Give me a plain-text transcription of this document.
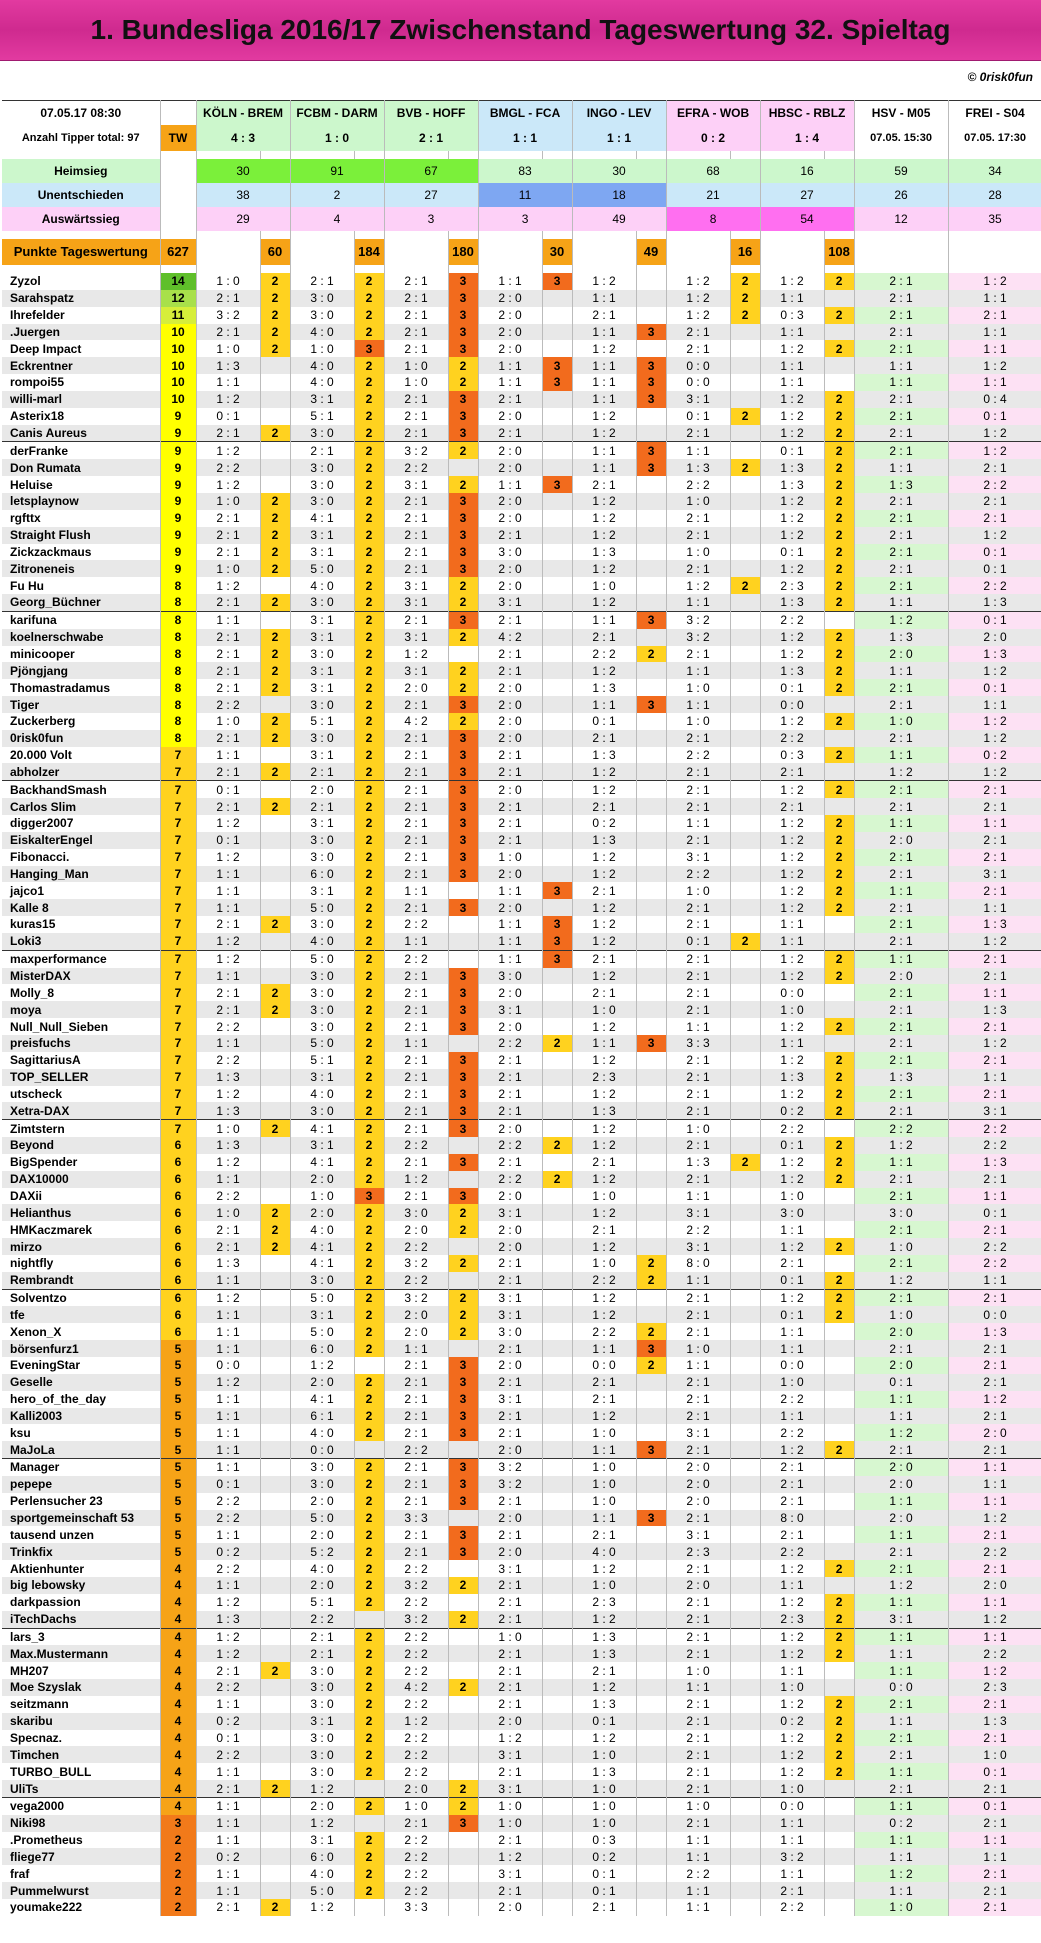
1. Bundesliga 2016/17 Zwischenstand Tageswertung 32. Spieltag
© 0risk0fun
07.05.17 08:30		KÖLN - BREM		FCBM - DARM		BVB - HOFF		BMGL - FCA		INGO - LEV		EFRA - WOB		HBSC - RBLZ		HSV - M05	FREI - S04
Anzahl Tipper total: 97	TW	4 : 3		1 : 0		2 : 1		1 : 1		1 : 1		0 : 2		1 : 4		07.05. 15:30	07.05. 17:30

Heimsieg		30		91		67		83		30		68		16		59	34
Unentschieden		38		2		27		11		18		21		27		26	28
Auswärtssieg		29		4		3		3		49		8		54		12	35

Punkte Tageswertung	627		60		184		180		30		49		16		108		

Zyzol	14	1 : 0	2	2 : 1	2	2 : 1	3	1 : 1	3	1 : 2		1 : 2	2	1 : 2	2	2 : 1	1 : 2
Sarahspatz	12	2 : 1	2	3 : 0	2	2 : 1	3	2 : 0		1 : 1		1 : 2	2	1 : 1		2 : 1	1 : 1
Ihrefelder	11	3 : 2	2	3 : 0	2	2 : 1	3	2 : 0		2 : 1		1 : 2	2	0 : 3	2	2 : 1	2 : 1
.Juergen	10	2 : 1	2	4 : 0	2	2 : 1	3	2 : 0		1 : 1	3	2 : 1		1 : 1		2 : 1	1 : 1
Deep Impact	10	1 : 0	2	1 : 0	3	2 : 1	3	2 : 0		1 : 2		2 : 1		1 : 2	2	2 : 1	1 : 1
Eckrentner	10	1 : 3		4 : 0	2	1 : 0	2	1 : 1	3	1 : 1	3	0 : 0		1 : 1		1 : 1	1 : 2
rompoi55	10	1 : 1		4 : 0	2	1 : 0	2	1 : 1	3	1 : 1	3	0 : 0		1 : 1		1 : 1	1 : 1
willi-marl	10	1 : 2		3 : 1	2	2 : 1	3	2 : 1		1 : 1	3	3 : 1		1 : 2	2	2 : 1	0 : 4
Asterix18	9	0 : 1		5 : 1	2	2 : 1	3	2 : 0		1 : 2		0 : 1	2	1 : 2	2	2 : 1	0 : 1
Canis Aureus	9	2 : 1	2	3 : 0	2	2 : 1	3	2 : 1		1 : 2		2 : 1		1 : 2	2	2 : 1	1 : 2
derFranke	9	1 : 2		2 : 1	2	3 : 2	2	2 : 0		1 : 1	3	1 : 1		0 : 1	2	2 : 1	1 : 2
Don Rumata	9	2 : 2		3 : 0	2	2 : 2		2 : 0		1 : 1	3	1 : 3	2	1 : 3	2	1 : 1	2 : 1
Heluise	9	1 : 2		3 : 0	2	3 : 1	2	1 : 1	3	2 : 1		2 : 2		1 : 3	2	1 : 3	2 : 2
letsplaynow	9	1 : 0	2	3 : 0	2	2 : 1	3	2 : 0		1 : 2		1 : 0		1 : 2	2	2 : 1	2 : 1
rgfttx	9	2 : 1	2	4 : 1	2	2 : 1	3	2 : 0		1 : 2		2 : 1		1 : 2	2	2 : 1	2 : 1
Straight Flush	9	2 : 1	2	3 : 1	2	2 : 1	3	2 : 1		1 : 2		2 : 1		1 : 2	2	2 : 1	1 : 2
Zickzackmaus	9	2 : 1	2	3 : 1	2	2 : 1	3	3 : 0		1 : 3		1 : 0		0 : 1	2	2 : 1	0 : 1
Zitroneneis	9	1 : 0	2	5 : 0	2	2 : 1	3	2 : 0		1 : 2		2 : 1		1 : 2	2	2 : 1	0 : 1
Fu Hu	8	1 : 2		4 : 0	2	3 : 1	2	2 : 0		1 : 0		1 : 2	2	2 : 3	2	2 : 1	2 : 2
Georg_Büchner	8	2 : 1	2	3 : 0	2	3 : 1	2	3 : 1		1 : 2		1 : 1		1 : 3	2	1 : 1	1 : 3
karifuna	8	1 : 1		3 : 1	2	2 : 1	3	2 : 1		1 : 1	3	3 : 2		2 : 2		1 : 2	0 : 1
koelnerschwabe	8	2 : 1	2	3 : 1	2	3 : 1	2	4 : 2		2 : 1		3 : 2		1 : 2	2	1 : 3	2 : 0
minicooper	8	2 : 1	2	3 : 0	2	1 : 2		2 : 1		2 : 2	2	2 : 1		1 : 2	2	2 : 0	1 : 3
Pjöngjang	8	2 : 1	2	3 : 1	2	3 : 1	2	2 : 1		1 : 2		1 : 1		1 : 3	2	1 : 1	1 : 2
Thomastradamus	8	2 : 1	2	3 : 1	2	2 : 0	2	2 : 0		1 : 3		1 : 0		0 : 1	2	2 : 1	0 : 1
Tiger	8	2 : 2		3 : 0	2	2 : 1	3	2 : 0		1 : 1	3	1 : 1		0 : 0		2 : 1	1 : 1
Zuckerberg	8	1 : 0	2	5 : 1	2	4 : 2	2	2 : 0		0 : 1		1 : 0		1 : 2	2	1 : 0	1 : 2
0risk0fun	8	2 : 1	2	3 : 0	2	2 : 1	3	2 : 0		2 : 1		2 : 1		2 : 2		2 : 1	1 : 2
20.000 Volt	7	1 : 1		3 : 1	2	2 : 1	3	2 : 1		1 : 3		2 : 2		0 : 3	2	1 : 1	0 : 2
abholzer	7	2 : 1	2	2 : 1	2	2 : 1	3	2 : 1		1 : 2		2 : 1		2 : 1		1 : 2	1 : 2
BackhandSmash	7	0 : 1		2 : 0	2	2 : 1	3	2 : 0		1 : 2		2 : 1		1 : 2	2	2 : 1	2 : 1
Carlos Slim	7	2 : 1	2	2 : 1	2	2 : 1	3	2 : 1		2 : 1		2 : 1		2 : 1		2 : 1	2 : 1
digger2007	7	1 : 2		3 : 1	2	2 : 1	3	2 : 1		0 : 2		1 : 1		1 : 2	2	1 : 1	1 : 1
EiskalterEngel	7	0 : 1		3 : 0	2	2 : 1	3	2 : 1		1 : 3		2 : 1		1 : 2	2	2 : 0	2 : 1
Fibonacci.	7	1 : 2		3 : 0	2	2 : 1	3	1 : 0		1 : 2		3 : 1		1 : 2	2	2 : 1	2 : 1
Hanging_Man	7	1 : 1		6 : 0	2	2 : 1	3	2 : 0		1 : 2		2 : 2		1 : 2	2	2 : 1	3 : 1
jajco1	7	1 : 1		3 : 1	2	1 : 1		1 : 1	3	2 : 1		1 : 0		1 : 2	2	1 : 1	2 : 1
Kalle 8	7	1 : 1		5 : 0	2	2 : 1	3	2 : 0		1 : 2		2 : 1		1 : 2	2	2 : 1	1 : 1
kuras15	7	2 : 1	2	3 : 0	2	2 : 2		1 : 1	3	1 : 2		2 : 1		1 : 1		2 : 1	1 : 3
Loki3	7	1 : 2		4 : 0	2	1 : 1		1 : 1	3	1 : 2		0 : 1	2	1 : 1		2 : 1	1 : 2
maxperformance	7	1 : 2		5 : 0	2	2 : 2		1 : 1	3	2 : 1		2 : 1		1 : 2	2	1 : 1	2 : 1
MisterDAX	7	1 : 1		3 : 0	2	2 : 1	3	3 : 0		1 : 2		2 : 1		1 : 2	2	2 : 0	2 : 1
Molly_8	7	2 : 1	2	3 : 0	2	2 : 1	3	2 : 0		2 : 1		2 : 1		0 : 0		2 : 1	1 : 1
moya	7	2 : 1	2	3 : 0	2	2 : 1	3	3 : 1		1 : 0		2 : 1		1 : 0		2 : 1	1 : 3
Null_Null_Sieben	7	2 : 2		3 : 0	2	2 : 1	3	2 : 0		1 : 2		1 : 1		1 : 2	2	2 : 1	2 : 1
preisfuchs	7	1 : 1		5 : 0	2	1 : 1		2 : 2	2	1 : 1	3	3 : 3		1 : 1		2 : 1	1 : 2
SagittariusA	7	2 : 2		5 : 1	2	2 : 1	3	2 : 1		1 : 2		2 : 1		1 : 2	2	2 : 1	2 : 1
TOP_SELLER	7	1 : 3		3 : 1	2	2 : 1	3	2 : 1		2 : 3		2 : 1		1 : 3	2	1 : 3	1 : 1
utscheck	7	1 : 2		4 : 0	2	2 : 1	3	2 : 1		1 : 2		2 : 1		1 : 2	2	2 : 1	2 : 1
Xetra-DAX	7	1 : 3		3 : 0	2	2 : 1	3	2 : 1		1 : 3		2 : 1		0 : 2	2	2 : 1	3 : 1
Zimtstern	7	1 : 0	2	4 : 1	2	2 : 1	3	2 : 0		1 : 2		1 : 0		2 : 2		2 : 2	2 : 2
Beyond	6	1 : 3		3 : 1	2	2 : 2		2 : 2	2	1 : 2		2 : 1		0 : 1	2	1 : 2	2 : 2
BigSpender	6	1 : 2		4 : 1	2	2 : 1	3	2 : 1		2 : 1		1 : 3	2	1 : 2	2	1 : 1	1 : 3
DAX10000	6	1 : 1		2 : 0	2	1 : 2		2 : 2	2	1 : 2		2 : 1		1 : 2	2	2 : 1	2 : 1
DAXii	6	2 : 2		1 : 0	3	2 : 1	3	2 : 0		1 : 0		1 : 1		1 : 0		2 : 1	1 : 1
Helianthus	6	1 : 0	2	2 : 0	2	3 : 0	2	3 : 1		1 : 2		3 : 1		3 : 0		3 : 0	0 : 1
HMKaczmarek	6	2 : 1	2	4 : 0	2	2 : 0	2	2 : 0		2 : 1		2 : 2		1 : 1		2 : 1	2 : 1
mirzo	6	2 : 1	2	4 : 1	2	2 : 2		2 : 0		1 : 2		3 : 1		1 : 2	2	1 : 0	2 : 2
nightfly	6	1 : 3		4 : 1	2	3 : 2	2	2 : 1		1 : 0	2	8 : 0		2 : 1		2 : 1	2 : 2
Rembrandt	6	1 : 1		3 : 0	2	2 : 2		2 : 1		2 : 2	2	1 : 1		0 : 1	2	1 : 2	1 : 1
Solventzo	6	1 : 2		5 : 0	2	3 : 2	2	3 : 1		1 : 2		2 : 1		1 : 2	2	2 : 1	2 : 1
tfe	6	1 : 1		3 : 1	2	2 : 0	2	3 : 1		1 : 2		2 : 1		0 : 1	2	1 : 0	0 : 0
Xenon_X	6	1 : 1		5 : 0	2	2 : 0	2	3 : 0		2 : 2	2	2 : 1		1 : 1		2 : 0	1 : 3
börsenfurz1	5	1 : 1		6 : 0	2	1 : 1		2 : 1		1 : 1	3	1 : 0		1 : 1		2 : 1	2 : 1
EveningStar	5	0 : 0		1 : 2		2 : 1	3	2 : 0		0 : 0	2	1 : 1		0 : 0		2 : 0	2 : 1
Geselle	5	1 : 2		2 : 0	2	2 : 1	3	2 : 1		2 : 1		2 : 1		1 : 0		0 : 1	2 : 1
hero_of_the_day	5	1 : 1		4 : 1	2	2 : 1	3	3 : 1		2 : 1		2 : 1		2 : 2		1 : 1	1 : 2
Kalli2003	5	1 : 1		6 : 1	2	2 : 1	3	2 : 1		1 : 2		2 : 1		1 : 1		1 : 1	2 : 1
ksu	5	1 : 1		4 : 0	2	2 : 1	3	2 : 1		1 : 0		3 : 1		2 : 2		1 : 2	2 : 0
MaJoLa	5	1 : 1		0 : 0		2 : 2		2 : 0		1 : 1	3	2 : 1		1 : 2	2	2 : 1	2 : 1
Manager	5	1 : 1		3 : 0	2	2 : 1	3	3 : 2		1 : 0		2 : 0		2 : 1		2 : 0	1 : 1
pepepe	5	0 : 1		3 : 0	2	2 : 1	3	3 : 2		1 : 0		2 : 0		2 : 1		2 : 0	1 : 1
Perlensucher 23	5	2 : 2		2 : 0	2	2 : 1	3	2 : 1		1 : 0		2 : 0		2 : 1		1 : 1	1 : 1
sportgemeinschaft 53	5	2 : 2		5 : 0	2	3 : 3		2 : 0		1 : 1	3	2 : 1		8 : 0		2 : 0	1 : 2
tausend unzen	5	1 : 1		2 : 0	2	2 : 1	3	2 : 1		2 : 1		3 : 1		2 : 1		1 : 1	2 : 1
Trinkfix	5	0 : 2		5 : 2	2	2 : 1	3	2 : 0		4 : 0		2 : 3		2 : 2		2 : 1	2 : 2
Aktienhunter	4	2 : 2		4 : 0	2	2 : 2		3 : 1		1 : 2		2 : 1		1 : 2	2	2 : 1	2 : 1
big lebowsky	4	1 : 1		2 : 0	2	3 : 2	2	2 : 1		1 : 0		2 : 0		1 : 1		1 : 2	2 : 0
darkpassion	4	1 : 2		5 : 1	2	2 : 2		2 : 1		2 : 3		2 : 1		1 : 2	2	1 : 1	1 : 1
iTechDachs	4	1 : 3		2 : 2		3 : 2	2	2 : 1		1 : 2		2 : 1		2 : 3	2	3 : 1	1 : 2
lars_3	4	1 : 2		2 : 1	2	2 : 2		1 : 0		1 : 3		2 : 1		1 : 2	2	1 : 1	1 : 1
Max.Mustermann	4	1 : 2		2 : 1	2	2 : 2		2 : 1		1 : 3		2 : 1		1 : 2	2	1 : 1	2 : 2
MH207	4	2 : 1	2	3 : 0	2	2 : 2		2 : 1		2 : 1		1 : 0		1 : 1		1 : 1	1 : 2
Moe Szyslak	4	2 : 2		3 : 0	2	4 : 2	2	2 : 1		1 : 2		1 : 1		1 : 0		0 : 0	2 : 3
seitzmann	4	1 : 1		3 : 0	2	2 : 2		2 : 1		1 : 3		2 : 1		1 : 2	2	2 : 1	2 : 1
skaribu	4	0 : 2		3 : 1	2	1 : 2		2 : 0		0 : 1		2 : 1		0 : 2	2	1 : 1	1 : 3
Specnaz.	4	0 : 1		3 : 0	2	2 : 2		1 : 2		1 : 2		2 : 1		1 : 2	2	2 : 1	2 : 1
Timchen	4	2 : 2		3 : 0	2	2 : 2		3 : 1		1 : 0		2 : 1		1 : 2	2	2 : 1	1 : 0
TURBO_BULL	4	1 : 1		3 : 0	2	2 : 2		2 : 1		1 : 3		2 : 1		1 : 2	2	1 : 1	0 : 1
UliTs	4	2 : 1	2	1 : 2		2 : 0	2	3 : 1		1 : 0		2 : 1		1 : 0		2 : 1	2 : 1
vega2000	4	1 : 1		2 : 0	2	1 : 0	2	1 : 0		1 : 0		1 : 0		0 : 0		1 : 1	0 : 1
Niki98	3	1 : 1		1 : 2		2 : 1	3	1 : 0		1 : 0		2 : 1		1 : 1		0 : 2	2 : 1
.Prometheus	2	1 : 1		3 : 1	2	2 : 2		2 : 1		0 : 3		1 : 1		1 : 1		1 : 1	1 : 1
fliege77	2	0 : 2		6 : 0	2	2 : 2		1 : 2		0 : 2		1 : 1		3 : 2		1 : 1	1 : 1
fraf	2	1 : 1		4 : 0	2	2 : 2		3 : 1		0 : 1		2 : 2		1 : 1		1 : 2	2 : 1
Pummelwurst	2	1 : 1		5 : 0	2	2 : 2		2 : 1		0 : 1		1 : 1		2 : 1		1 : 1	2 : 1
youmake222	2	2 : 1	2	1 : 2		3 : 3		2 : 0		2 : 1		1 : 1		2 : 2		1 : 0	2 : 1
